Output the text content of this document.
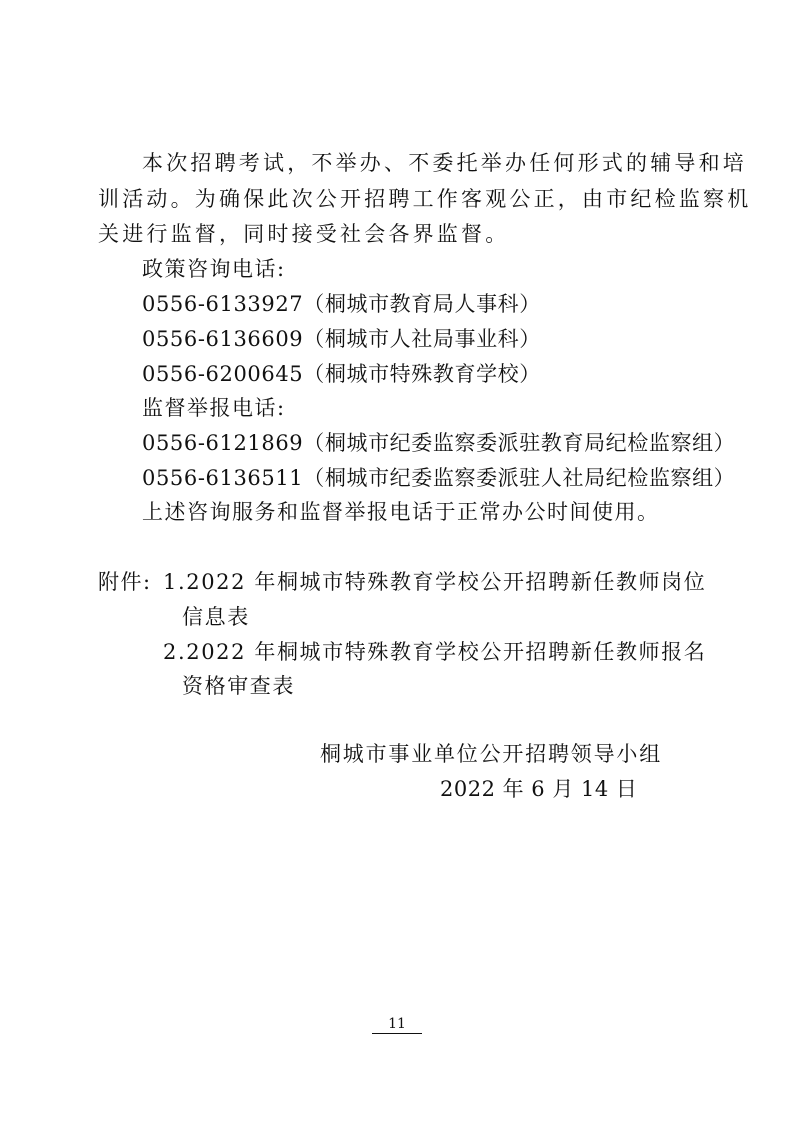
本次招聘考试，不举办、不委托举办任何形式的辅导和培
训活动。为确保此次公开招聘工作客观公正，由市纪检监察机
关进行监督，同时接受社会各界监督。
政策咨询电话:
0556-6133927（桐城市教育局人事科）
0556-6136609（桐城市人社局事业科）
0556-6200645（桐城市特殊教育学校）
监督举报电话:
0556-6121869（桐城市纪委监察委派驻教育局纪检监察组）
0556-6136511（桐城市纪委监察委派驻人社局纪检监察组）
上述咨询服务和监督举报电话于正常办公时间使用。
附件: 1.2022 年桐城市特殊教育学校公开招聘新任教师岗位
信息表
2.2022 年桐城市特殊教育学校公开招聘新任教师报名
资格审查表
桐城市事业单位公开招聘领导小组
2022 年 6 月 14 日
11
